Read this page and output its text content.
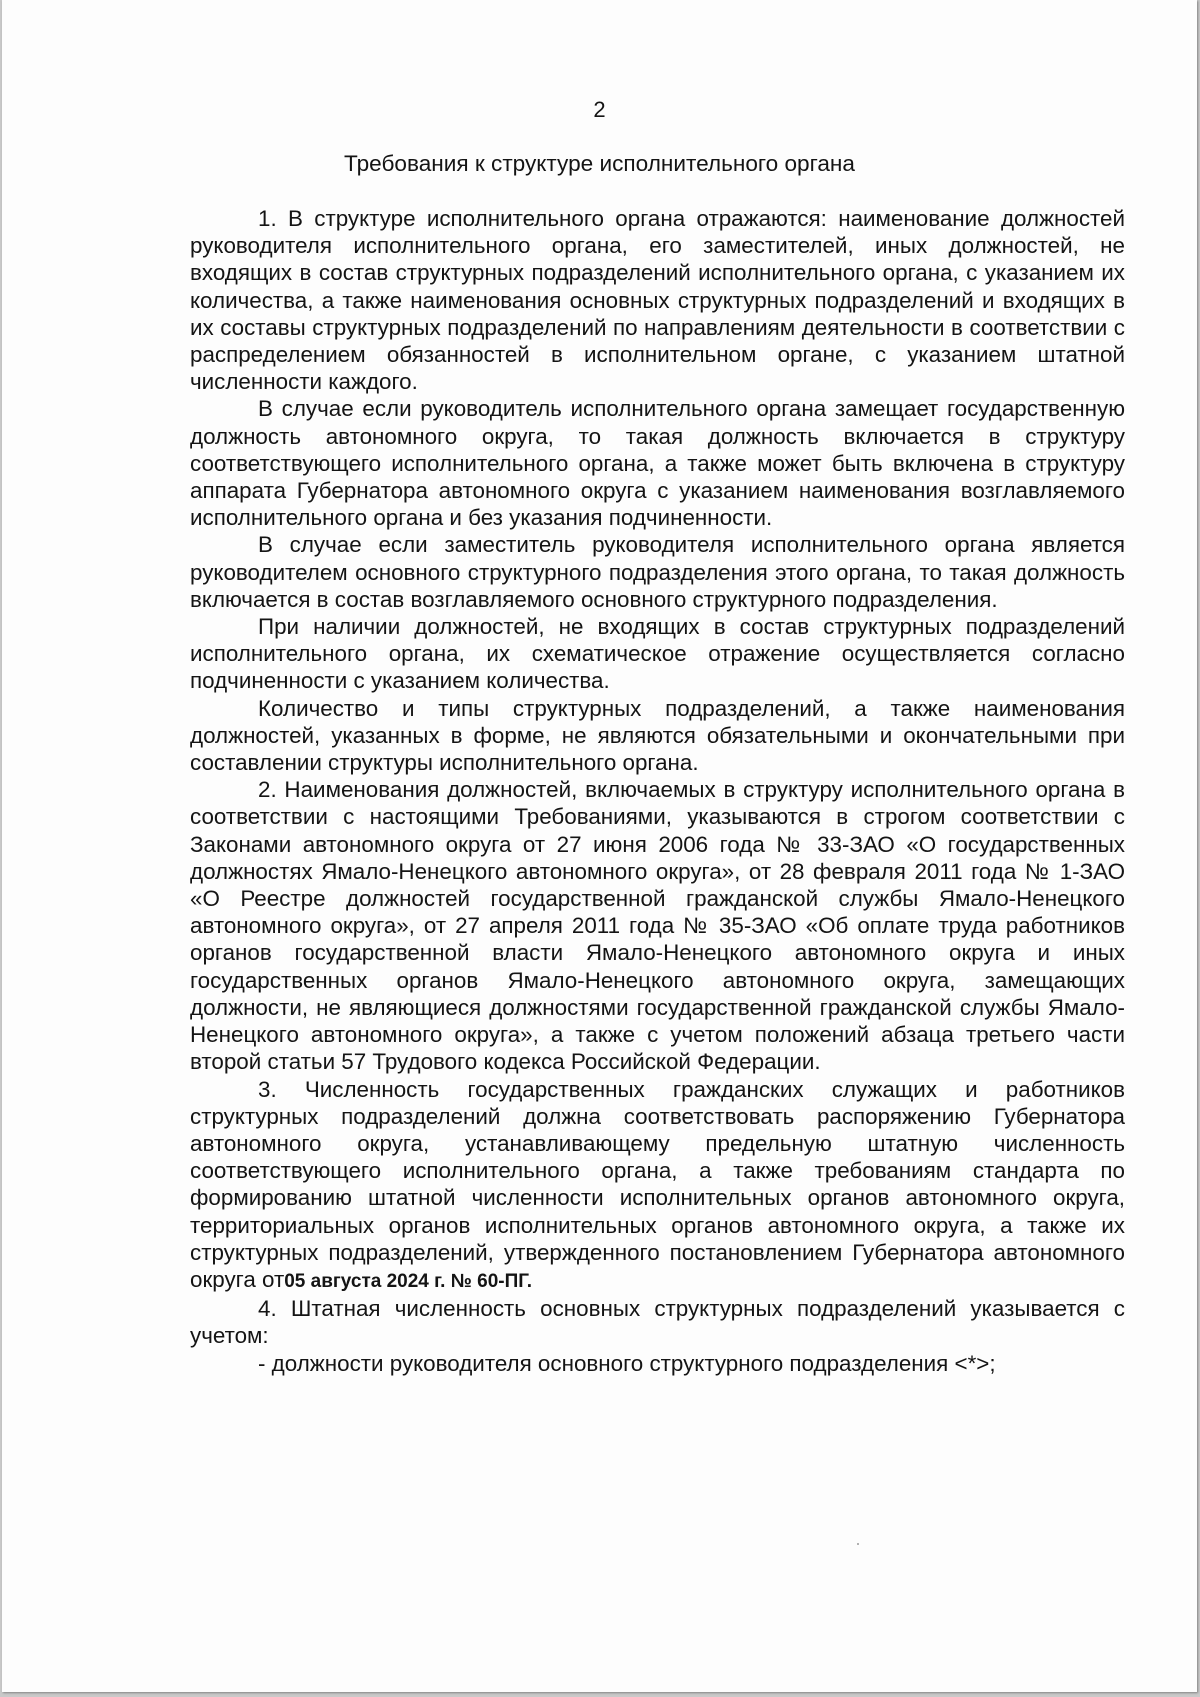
2
Требования к структуре исполнительного органа

1. В структуре исполнительного органа отражаются: наименование должностей руководителя исполнительного органа, его заместителей, иных должностей, не входящих в состав структурных подразделений исполнительного органа, с указанием их количества, а также наименования основных структурных подразделений и входящих в их составы структурных подразделений по направлениям деятельности в соответствии с распределением обязанностей в исполнительном органе, с указанием штатной численности каждого.

В случае если руководитель исполнительного органа замещает государственную должность автономного округа, то такая должность включается в структуру соответствующего исполнительного органа, а также может быть включена в структуру аппарата Губернатора автономного округа с указанием наименования возглавляемого исполнительного органа и без указания подчиненности.

В случае если заместитель руководителя исполнительного органа является руководителем основного структурного подразделения этого органа, то такая должность включается в состав возглавляемого основного структурного подразделения.

При наличии должностей, не входящих в состав структурных подразделений исполнительного органа, их схематическое отражение осуществляется согласно подчиненности с указанием количества.

Количество и типы структурных подразделений, а также наименования должностей, указанных в форме, не являются обязательными и окончательными при составлении структуры исполнительного органа.

2. Наименования должностей, включаемых в структуру исполнительного органа в соответствии с настоящими Требованиями, указываются в строгом соответствии с Законами автономного округа от 27 июня 2006 года № 33-ЗАО «О государственных должностях Ямало-Ненецкого автономного округа», от 28 февраля 2011 года № 1-ЗАО «О Реестре должностей государственной гражданской службы Ямало-Ненецкого автономного округа», от 27 апреля 2011 года № 35-ЗАО «Об оплате труда работников органов государственной власти Ямало-Ненецкого автономного округа и иных государственных органов Ямало-Ненецкого автономного округа, замещающих должности, не являющиеся должностями государственной гражданской службы Ямало-Ненецкого автономного округа», а также с учетом положений абзаца третьего части второй статьи 57 Трудового кодекса Российской Федерации.

3. Численность государственных гражданских служащих и работников структурных подразделений должна соответствовать распоряжению Губернатора автономного округа, устанавливающему предельную штатную численность соответствующего исполнительного органа, а также требованиям стандарта по формированию штатной численности исполнительных органов автономного округа, территориальных органов исполнительных органов автономного округа, а также их структурных подразделений, утвержденного постановлением Губернатора автономного округа от05 августа 2024 г. № 60-ПГ.

4. Штатная численность основных структурных подразделений указывается с учетом:

- должности руководителя основного структурного подразделения <*>;
